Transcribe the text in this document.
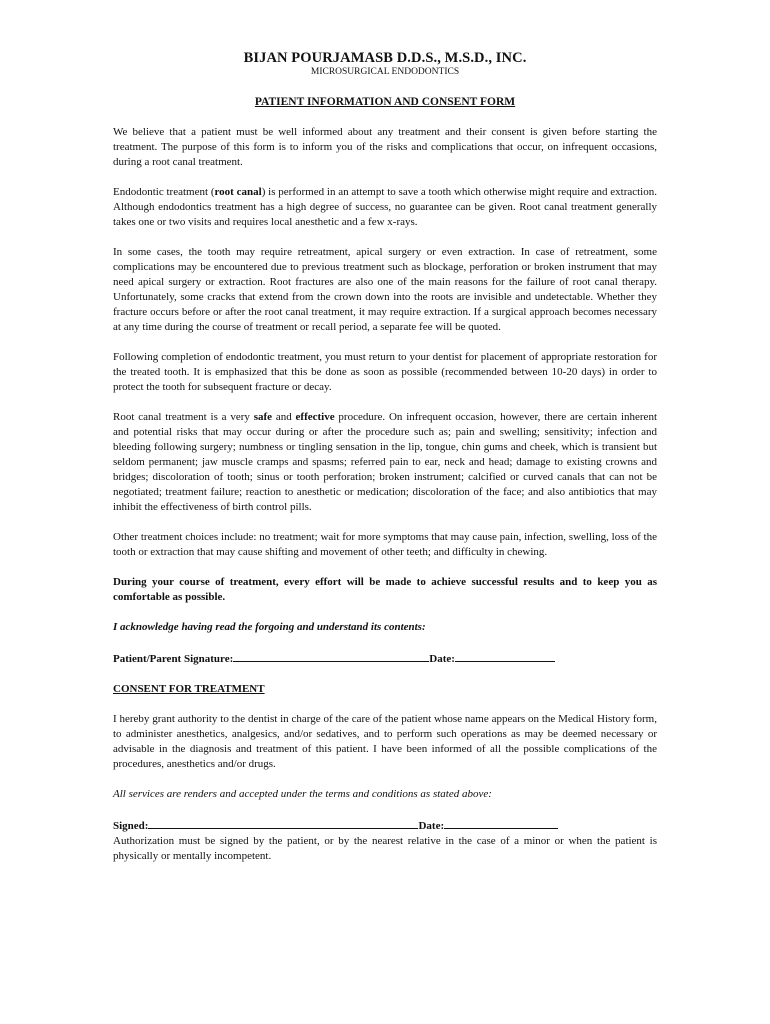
BIJAN POURJAMASB D.D.S., M.S.D., INC.
MICROSURGICAL ENDODONTICS
PATIENT INFORMATION AND CONSENT FORM

We believe that a patient must be well informed about any treatment and their consent is given before starting the treatment. The purpose of this form is to inform you of the risks and complications that occur, on infrequent occasions, during a root canal treatment.

Endodontic treatment (root canal) is performed in an attempt to save a tooth which otherwise might require and extraction. Although endodontics treatment has a high degree of success, no guarantee can be given. Root canal treatment generally takes one or two visits and requires local anesthetic and a few x-rays.

In some cases, the tooth may require retreatment, apical surgery or even extraction. In case of retreatment, some complications may be encountered due to previous treatment such as blockage, perforation or broken instrument that may need apical surgery or extraction. Root fractures are also one of the main reasons for the failure of root canal therapy. Unfortunately, some cracks that extend from the crown down into the roots are invisible and undetectable. Whether they fracture occurs before or after the root canal treatment, it may require extraction. If a surgical approach becomes necessary at any time during the course of treatment or recall period, a separate fee will be quoted.

Following completion of endodontic treatment, you must return to your dentist for placement of appropriate restoration for the treated tooth. It is emphasized that this be done as soon as possible (recommended between 10-20 days) in order to protect the tooth for subsequent fracture or decay.

Root canal treatment is a very safe and effective procedure. On infrequent occasion, however, there are certain inherent and potential risks that may occur during or after the procedure such as; pain and swelling; sensitivity; infection and bleeding following surgery; numbness or tingling sensation in the lip, tongue, chin gums and cheek, which is transient but seldom permanent; jaw muscle cramps and spasms; referred pain to ear, neck and head; damage to existing crowns and bridges; discoloration of tooth; sinus or tooth perforation; broken instrument; calcified or curved canals that can not be negotiated; treatment failure; reaction to anesthetic or medication; discoloration of the face; and also antibiotics that may inhibit the effectiveness of birth control pills.

Other treatment choices include: no treatment; wait for more symptoms that may cause pain, infection, swelling, loss of the tooth or extraction that may cause shifting and movement of other teeth; and difficulty in chewing.

During your course of treatment, every effort will be made to achieve successful results and to keep you as comfortable as possible.

I acknowledge having read the forgoing and understand its contents:

Patient/Parent Signature:	Date:
CONSENT FOR TREATMENT

I hereby grant authority to the dentist in charge of the care of the patient whose name appears on the Medical History form, to administer anesthetics, analgesics, and/or sedatives, and to perform such operations as may be deemed necessary or advisable in the diagnosis and treatment of this patient. I have been informed of all the possible complications of the procedures, anesthetics and/or drugs.

All services are renders and accepted under the terms and conditions as stated above:

Signed:	Date:

Authorization must be signed by the patient, or by the nearest relative in the case of a minor or when the patient is physically or mentally incompetent.
